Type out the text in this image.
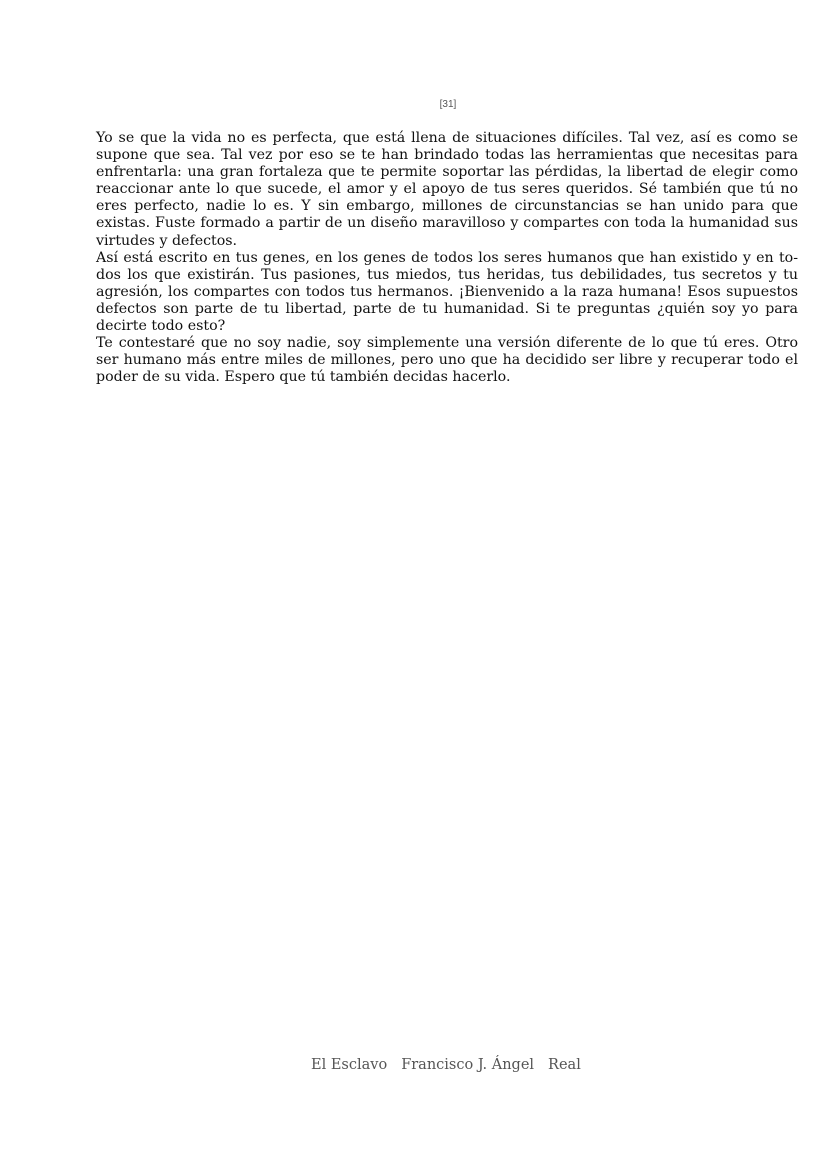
[31]

Yo se que la vida no es perfecta, que está llena de situaciones difíciles. Tal vez, así es como se supone que sea. Tal vez por eso se te han brindado todas las herramientas que necesitas para enfrentarla: una gran fortaleza que te permite soportar las pérdidas, la libertad de elegir como reaccionar ante lo que sucede, el amor y el apoyo de tus seres queridos. Sé también que tú no eres perfecto, nadie lo es. Y sin embargo, millones de circunstancias se han unido para que existas. Fuste formado a partir de un diseño maravilloso y compartes con toda la humanidad sus virtudes y defectos.

Así está escrito en tus genes, en los genes de todos los seres humanos que han existido y en todos los que existirán. Tus pasiones, tus miedos, tus heridas, tus debilidades, tus secretos y tu agresión, los compartes con todos tus hermanos. ¡Bienvenido a la raza humana! Esos supuestos defectos son parte de tu libertad, parte de tu humanidad. Si te preguntas ¿quién soy yo para decirte todo esto?

Te contestaré que no soy nadie, soy simplemente una versión diferente de lo que tú eres. Otro ser humano más entre miles de millones, pero uno que ha decidido ser libre y recuperar todo el poder de su vida. Espero que tú también decidas hacerlo.

El Esclavo Francisco J. Ángel Real
